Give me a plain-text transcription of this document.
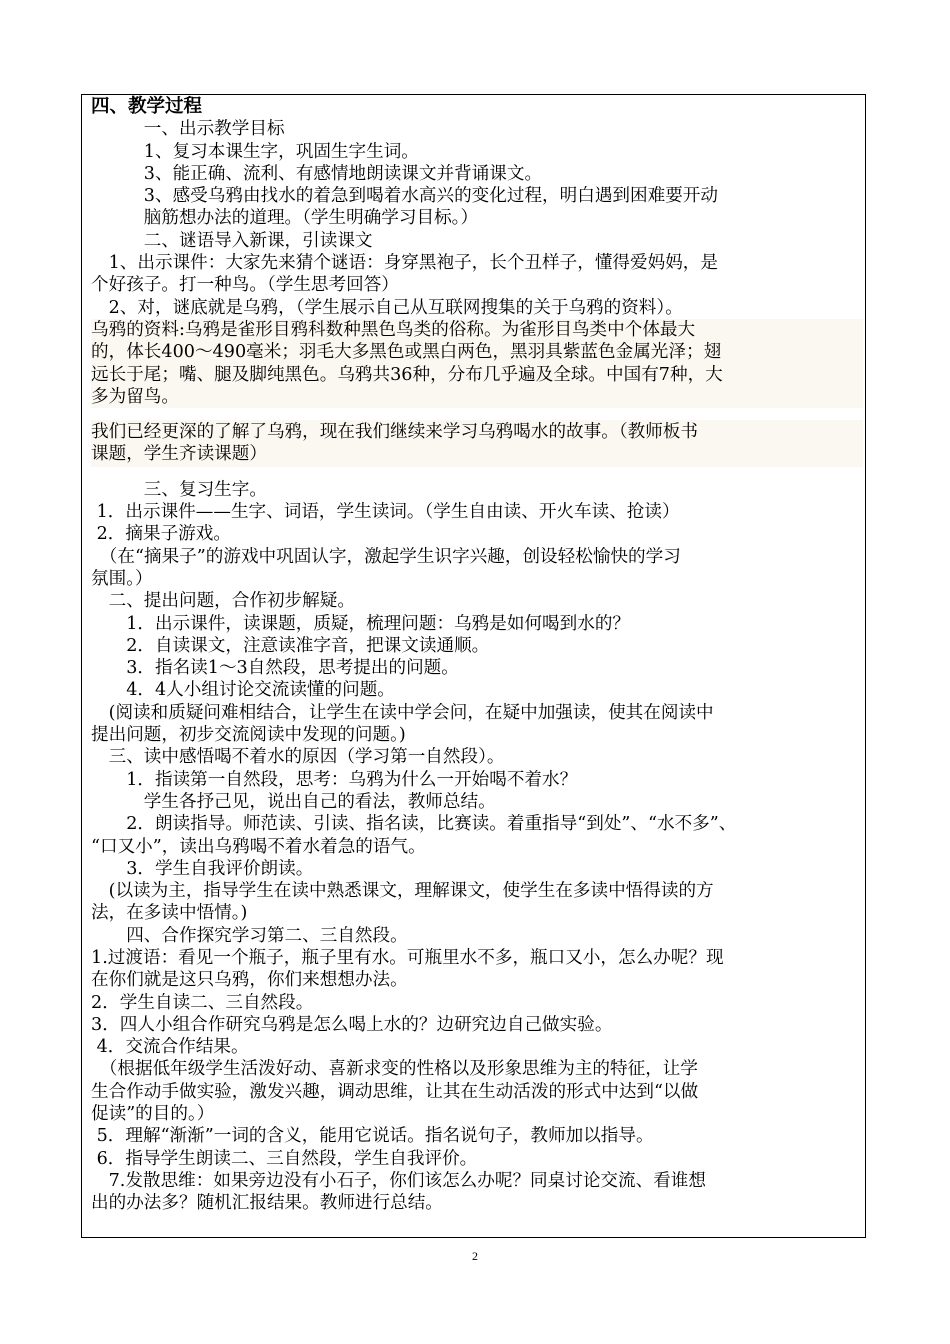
四、教学过程
　　　一、出示教学目标
　　　1、复习本课生字，巩固生字生词。
　　　3、能正确、流利、有感情地朗读课文并背诵课文。
　　　3、感受乌鸦由找水的着急到喝着水高兴的变化过程，明白遇到困难要开动
　　　脑筋想办法的道理。（学生明确学习目标。）
　　　二、谜语导入新课，引读课文
　1、出示课件：大家先来猜个谜语：身穿黑袍子，长个丑样子，懂得爱妈妈，是
个好孩子。打一种鸟。（学生思考回答）
　2、对，谜底就是乌鸦，（学生展示自己从互联网搜集的关于乌鸦的资料）。
乌鸦的资料:乌鸦是雀形目鸦科数种黑色鸟类的俗称。为雀形目鸟类中个体最大
的，体长400～490毫米；羽毛大多黑色或黑白两色，黑羽具紫蓝色金属光泽；翅
远长于尾；嘴、腿及脚纯黑色。乌鸦共36种，分布几乎遍及全球。中国有7种，大
多为留鸟。
我们已经更深的了解了乌鸦，现在我们继续来学习乌鸦喝水的故事。（教师板书
课题，学生齐读课题）
　　　三、复习生字。
1．出示课件——生字、词语，学生读词。（学生自由读、开火车读、抢读）
2．摘果子游戏。
　（在“摘果子”的游戏中巩固认字，激起学生识字兴趣，创设轻松愉快的学习
氛围。）
　二、提出问题，合作初步解疑。
　　1．出示课件，读课题，质疑，梳理问题：乌鸦是如何喝到水的？
　　2．自读课文，注意读准字音，把课文读通顺。
　　3．指名读1～3自然段，思考提出的问题。
　　4．4人小组讨论交流读懂的问题。
　(阅读和质疑问难相结合，让学生在读中学会问，在疑中加强读，使其在阅读中
提出问题，初步交流阅读中发现的问题。)
　三、读中感悟喝不着水的原因（学习第一自然段）。
　　1．指读第一自然段，思考：乌鸦为什么一开始喝不着水？
　　　学生各抒己见，说出自己的看法，教师总结。
　　2．朗读指导。师范读、引读、指名读，比赛读。着重指导“到处”、“水不多”、
“口又小”，读出乌鸦喝不着水着急的语气。
　　3．学生自我评价朗读。
　(以读为主，指导学生在读中熟悉课文，理解课文，使学生在多读中悟得读的方
法，在多读中悟情。)
　　四、合作探究学习第二、三自然段。
1.过渡语：看见一个瓶子，瓶子里有水。可瓶里水不多，瓶口又小，怎么办呢？现
在你们就是这只乌鸦，你们来想想办法。
2．学生自读二、三自然段。
3．四人小组合作研究乌鸦是怎么喝上水的？边研究边自己做实验。
4．交流合作结果。
　（根据低年级学生活泼好动、喜新求变的性格以及形象思维为主的特征，让学
生合作动手做实验，激发兴趣，调动思维，让其在生动活泼的形式中达到“以做
促读”的目的。）
5．理解“渐渐”一词的含义，能用它说话。指名说句子，教师加以指导。
6．指导学生朗读二、三自然段，学生自我评价。
　7.发散思维：如果旁边没有小石子，你们该怎么办呢？同桌讨论交流、看谁想
出的办法多？随机汇报结果。教师进行总结。
2
